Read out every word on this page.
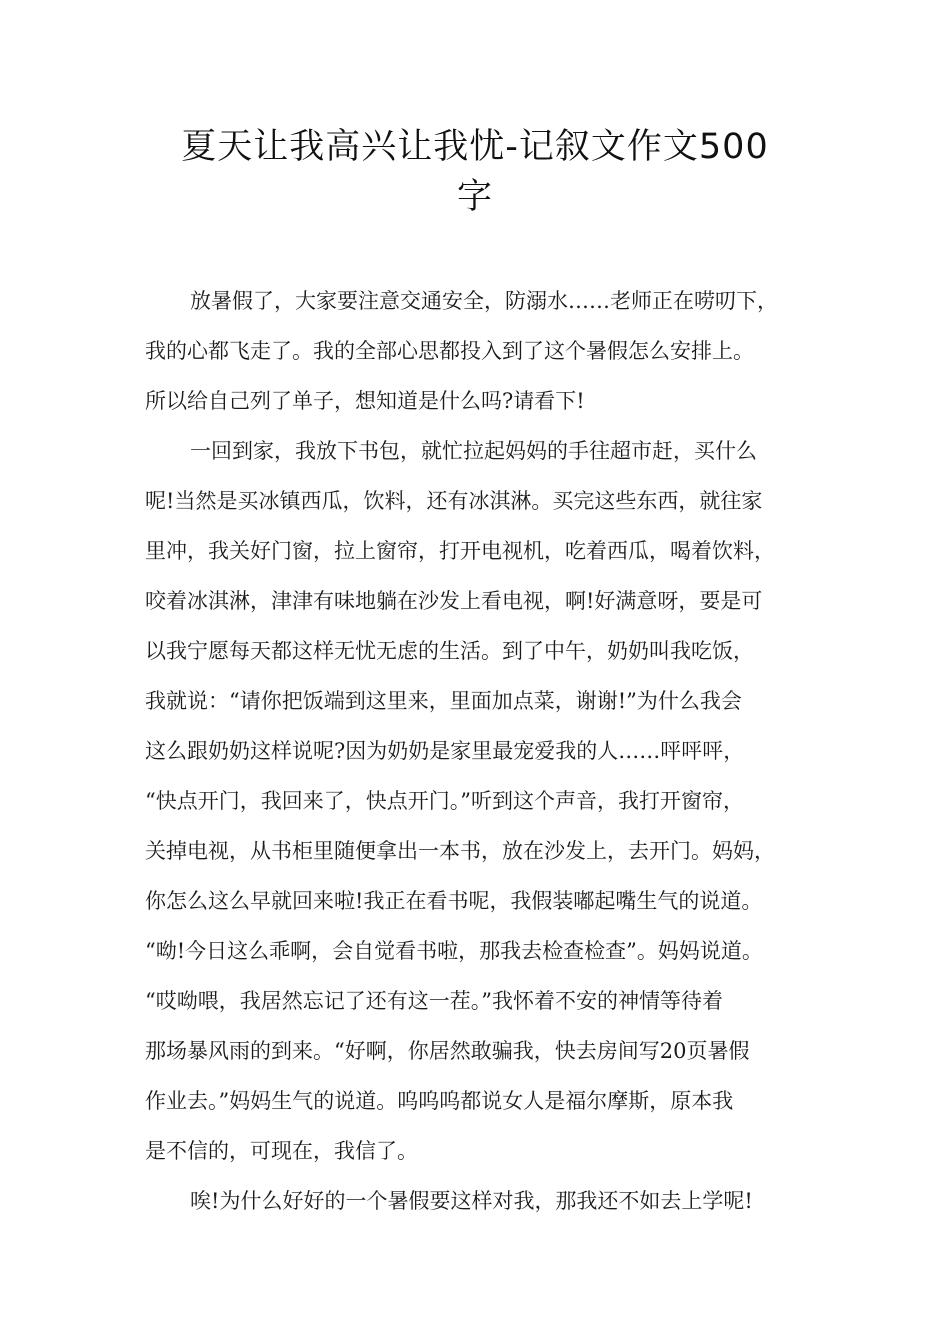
夏天让我高兴让我忧-记叙文作文500
字
放暑假了，大家要注意交通安全，防溺水……老师正在唠叨下，
我的心都飞走了。我的全部心思都投入到了这个暑假怎么安排上。
所以给自己列了单子，想知道是什么吗?请看下!
一回到家，我放下书包，就忙拉起妈妈的手往超市赶，买什么
呢!当然是买冰镇西瓜，饮料，还有冰淇淋。买完这些东西，就往家
里冲，我关好门窗，拉上窗帘，打开电视机，吃着西瓜，喝着饮料，
咬着冰淇淋，津津有味地躺在沙发上看电视，啊!好满意呀，要是可
以我宁愿每天都这样无忧无虑的生活。到了中午，奶奶叫我吃饭，
我就说：“请你把饭端到这里来，里面加点菜，谢谢!”为什么我会
这么跟奶奶这样说呢?因为奶奶是家里最宠爱我的人……呯呯呯，
“快点开门，我回来了，快点开门。”听到这个声音，我打开窗帘，
关掉电视，从书柜里随便拿出一本书，放在沙发上，去开门。妈妈，
你怎么这么早就回来啦!我正在看书呢，我假装嘟起嘴生气的说道。
“呦!今日这么乖啊，会自觉看书啦，那我去检查检查”。妈妈说道。
“哎呦喂，我居然忘记了还有这一茬。”我怀着不安的神情等待着
那场暴风雨的到来。“好啊，你居然敢骗我，快去房间写20页暑假
作业去。”妈妈生气的说道。呜呜呜都说女人是福尔摩斯，原本我
是不信的，可现在，我信了。
唉!为什么好好的一个暑假要这样对我，那我还不如去上学呢!
